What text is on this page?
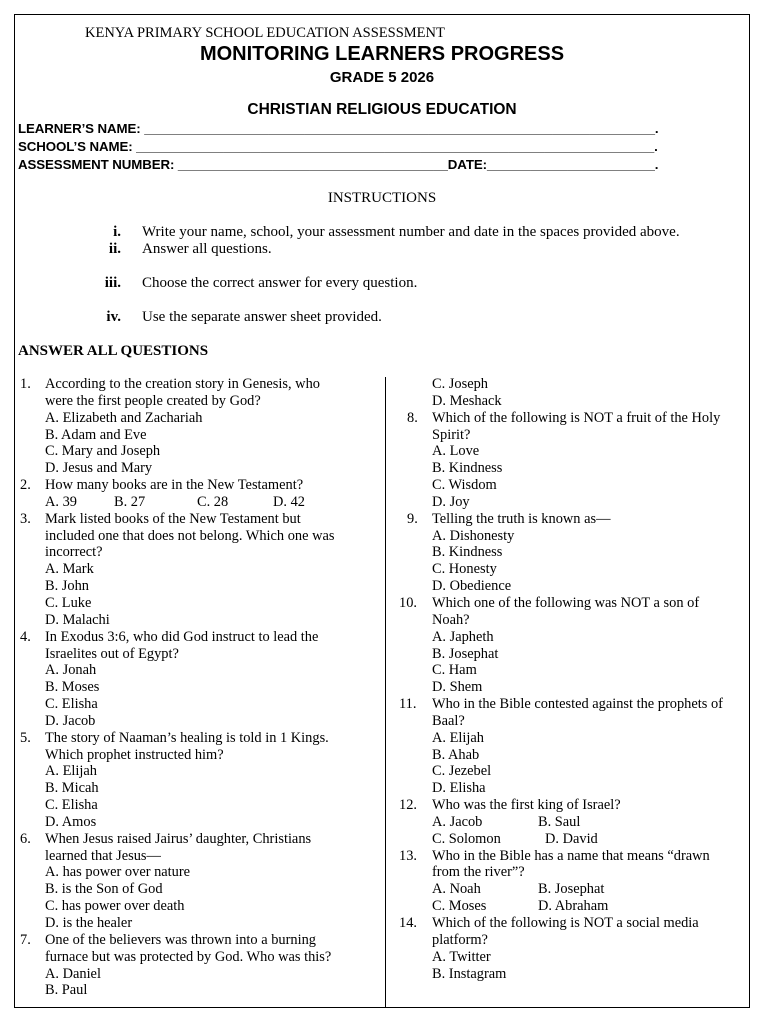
KENYA PRIMARY SCHOOL EDUCATION ASSESSMENT
MONITORING LEARNERS PROGRESS
GRADE 5 2026
CHRISTIAN RELIGIOUS EDUCATION
LEARNER’S NAME: ______________________________________________________________________.
SCHOOL’S NAME: _______________________________________________________________________.
ASSESSMENT NUMBER: _____________________________________DATE:_______________________.
INSTRUCTIONS
i. Write your name, school, your assessment number and date in the spaces provided above.
ii. Answer all questions.
iii. Choose the correct answer for every question.
iv. Use the separate answer sheet provided.
ANSWER ALL QUESTIONS
1. According to the creation story in Genesis, who
were the first people created by God?
A. Elizabeth and Zachariah
B. Adam and Eve
C. Mary and Joseph
D. Jesus and Mary
2. How many books are in the New Testament?
A. 39	B. 27	C. 28	D. 42
3. Mark listed books of the New Testament but
included one that does not belong. Which one was
incorrect?
A. Mark
B. John
C. Luke
D. Malachi
4. In Exodus 3:6, who did God instruct to lead the
Israelites out of Egypt?
A. Jonah
B. Moses
C. Elisha
D. Jacob
5. The story of Naaman’s healing is told in 1 Kings.
Which prophet instructed him?
A. Elijah
B. Micah
C. Elisha
D. Amos
6. When Jesus raised Jairus’ daughter, Christians
learned that Jesus—
A. has power over nature
B. is the Son of God
C. has power over death
D. is the healer
7. One of the believers was thrown into a burning
furnace but was protected by God. Who was this?
A. Daniel
B. Paul
C. Joseph
D. Meshack
8. Which of the following is NOT a fruit of the Holy
Spirit?
A. Love
B. Kindness
C. Wisdom
D. Joy
9. Telling the truth is known as—
A. Dishonesty
B. Kindness
C. Honesty
D. Obedience
10. Which one of the following was NOT a son of
Noah?
A. Japheth
B. Josephat
C. Ham
D. Shem
11. Who in the Bible contested against the prophets of
Baal?
A. Elijah
B. Ahab
C. Jezebel
D. Elisha
12. Who was the first king of Israel?
A. Jacob	B. Saul
C. Solomon	D. David
13. Who in the Bible has a name that means “drawn
from the river”?
A. Noah	B. Josephat
C. Moses	D. Abraham
14. Which of the following is NOT a social media
platform?
A. Twitter
B. Instagram
